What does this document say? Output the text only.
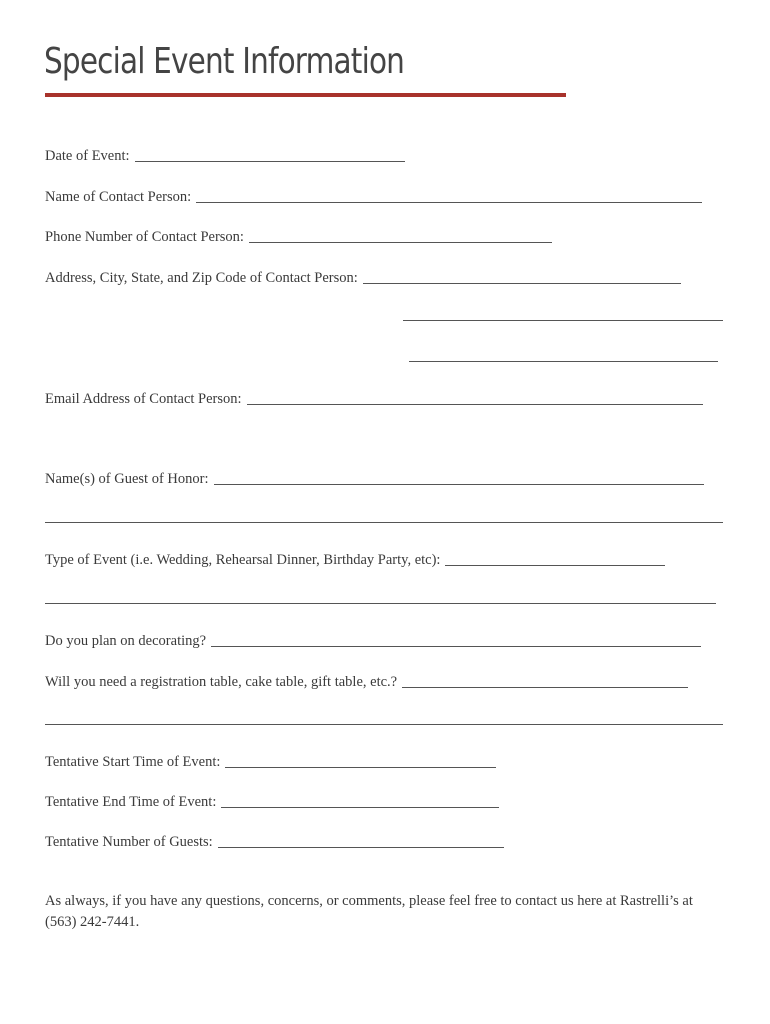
Special Event Information
Date of Event:
Name of Contact Person:
Phone Number of Contact Person:
Address, City, State, and Zip Code of Contact Person:
Email Address of Contact Person:
Name(s) of Guest of Honor:
Type of Event (i.e. Wedding, Rehearsal Dinner, Birthday Party, etc):
Do you plan on decorating?
Will you need a registration table, cake table, gift table, etc.?
Tentative Start Time of Event:
Tentative End Time of Event:
Tentative Number of Guests:

As always, if you have any questions, concerns, or comments, please feel free to contact us here at Rastrelli’s at (563) 242-7441.
